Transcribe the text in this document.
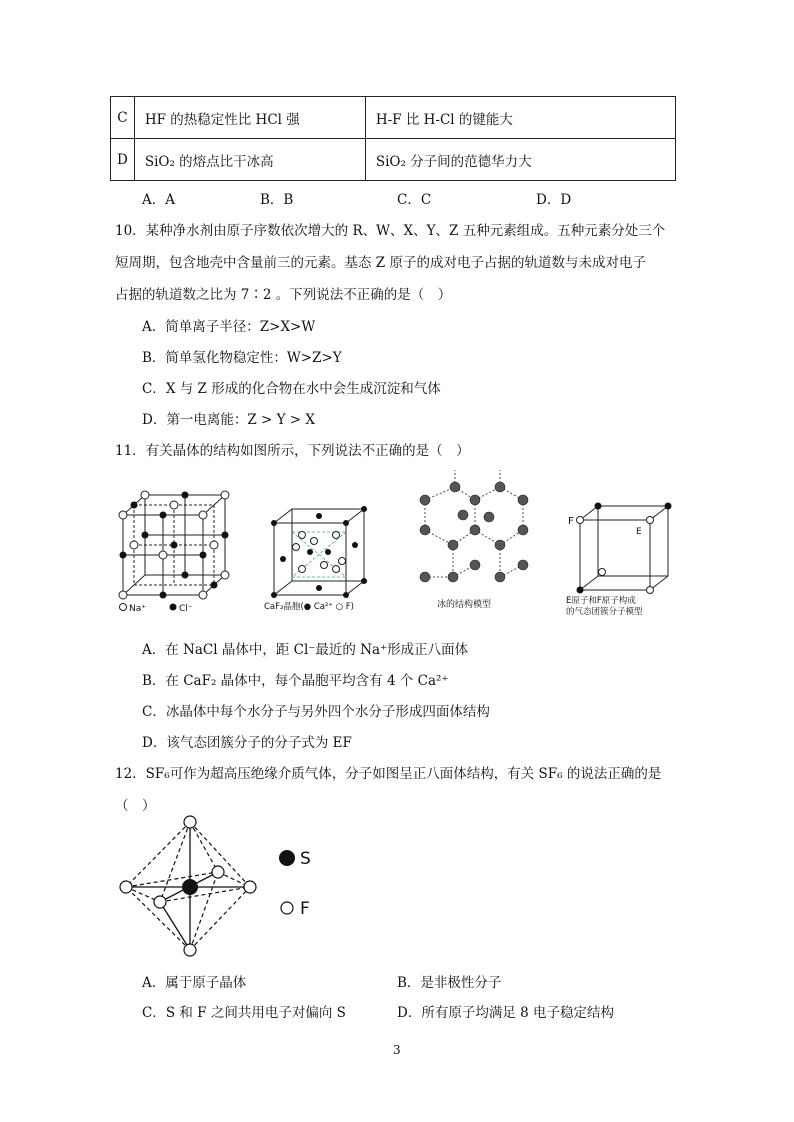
C	HF 的热稳定性比 HCl 强	H-F 比 H-Cl 的键能大
D	SiO₂ 的熔点比干冰高	SiO₂ 分子间的范德华力大
A．A	B．B	C．C	D．D
10．某种净水剂由原子序数依次增大的 R、W、X、Y、Z 五种元素组成。五种元素分处三个
短周期，包含地壳中含量前三的元素。基态 Z 原子的成对电子占据的轨道数与未成对电子
占据的轨道数之比为 7∶2 。下列说法不正确的是（　）
A．简单离子半径：Z>X>W
B．简单氢化物稳定性：W>Z>Y
C．X 与 Z 形成的化合物在水中会生成沉淀和气体
D．第一电离能：Z > Y > X
11．有关晶体的结构如图所示，下列说法不正确的是（　）
Na⁺	Cl⁻	CaF₂晶胞(● Ca²⁺ ○ F)	冰的结构模型
F
E
E原子和F原子构成
的气态团簇分子模型
A．在 NaCl 晶体中，距 Cl⁻最近的 Na⁺形成正八面体
B．在 CaF₂ 晶体中，每个晶胞平均含有 4 个 Ca²⁺
C．冰晶体中每个水分子与另外四个水分子形成四面体结构
D．该气态团簇分子的分子式为 EF
12．SF₆可作为超高压绝缘介质气体，分子如图呈正八面体结构，有关 SF₆ 的说法正确的是
（　）
S
F
A．属于原子晶体	B．是非极性分子
C．S 和 F 之间共用电子对偏向 S	D．所有原子均满足 8 电子稳定结构
3
